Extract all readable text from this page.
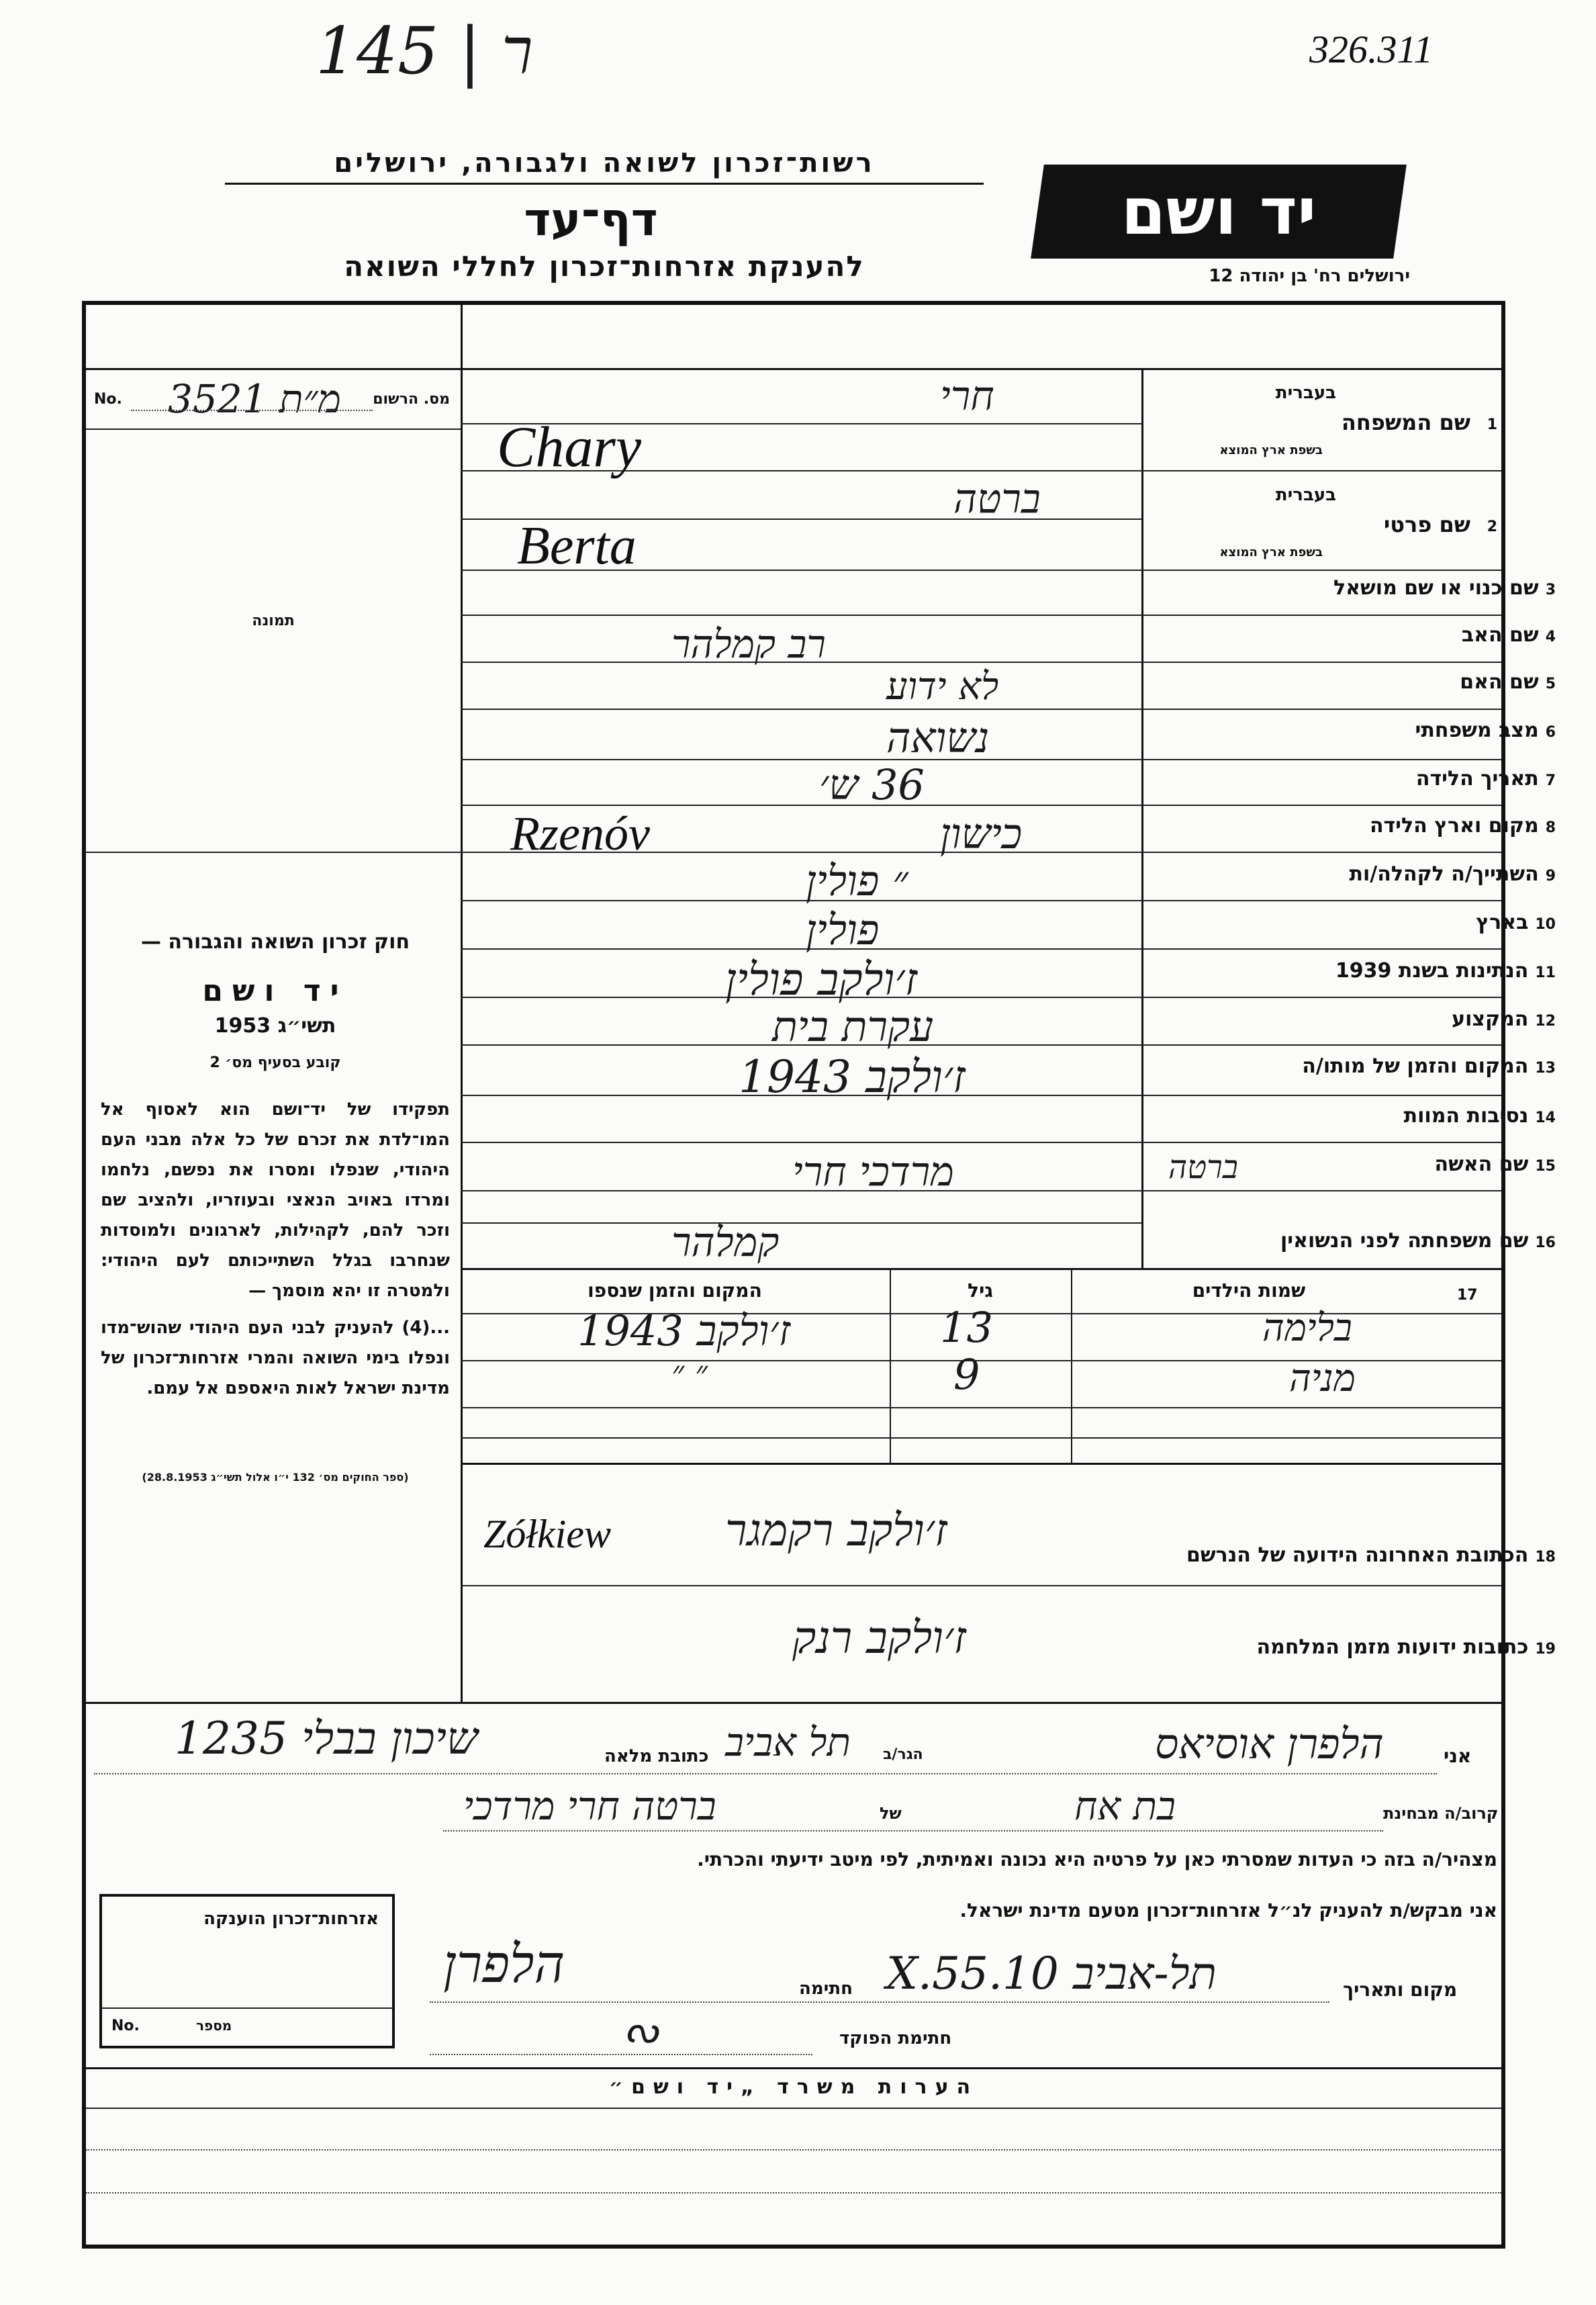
ר | 145	326.311
רשות־זכרון לשואה ולגבורה, ירושלים
דף־עד
להענקת אזרחות־זכרון לחללי השואה
יד ושם
ירושלים רח' בן יהודה 12
No. מ״ת 3521 מס. הרשום
תמונה
חוק זכרון השואה והגבורה —
יד ושם
תשי״ג 1953
קובע בסעיף מס׳ 2
תפקידו של יד־ושם הוא לאסוף אל המו־לדת את זכרם של כל אלה מבני העם היהודי, שנפלו ומסרו את נפשם, נלחמו ומרדו באויב הנאצי ובעוזריו, ולהציב שם וזכר להם, לקהילות, לארגונים ולמוסדות שנחרבו בגלל השתייכותם לעם היהודי: ולמטרה זו יהא מוסמך —
...(4) להעניק לבני העם היהודי שהוש־מדו ונפלו בימי השואה והמרי אזרחות־זכרון של מדינת ישראל לאות היאספם אל עמם.
(ספר החוקים מס׳ 132 י״ו אלול תשי״ג 28.8.1953)
בעברית
1
שם המשפחה
בשפת ארץ המוצא
חרי
Chary
בעברית
2
שם פרטי
בשפת ארץ המוצא
ברטה
Berta
3שם כנוי או שם מושאל
4שם האב
5שם האם
6מצב משפחתי
7תאריך הלידה
8מקום וארץ הלידה
9השתייך/ה לקהלה/ות
10בארץ
11הנתינות בשנת 1939
12המקצוע
13המקום והזמן של מותו/ה
14נסיבות המוות
15שם האשה
16שם משפחתה לפני הנשואין
רב קמלהר
לא ידוע
נשואה
36 ש׳
כישון
Rzenóv
״ פולין
פולין
ז׳ולקב פולין
עקרת בית
ז׳ולקב 1943
ברטה
מרדכי חרי
קמלהר
17
שמות הילדים
גיל
המקום והזמן שנספו
בלימה
13
ז׳ולקב 1943
מניה
9
״ ״
18הכתובת האחרונה הידועה של הנרשם
ז׳ולקב רקמגר
Zółkiew
19כתובות ידועות מזמן המלחמה
ז׳ולקב רנק
אני
הלפרן אוסיאס
הגר/ב
תל אביב
כתובת מלאה
שיכון בבלי 1235
קרוב/ה מבחינת
בת אח
של
ברטה חרי מרדכי
מצהיר/ה בזה כי העדות שמסרתי כאן על פרטיה היא נכונה ואמיתית, לפי מיטב ידיעתי והכרתי.
אני מבקש/ת להעניק לנ״ל אזרחות־זכרון מטעם מדינת ישראל.
מקום ותאריך
תל-אביב 10.X.55
חתימה
הלפרן
חתימת הפוקד
ᔓ
אזרחות־זכרון הוענקה
No.	מספר
הערות משרד „יד ושם״
